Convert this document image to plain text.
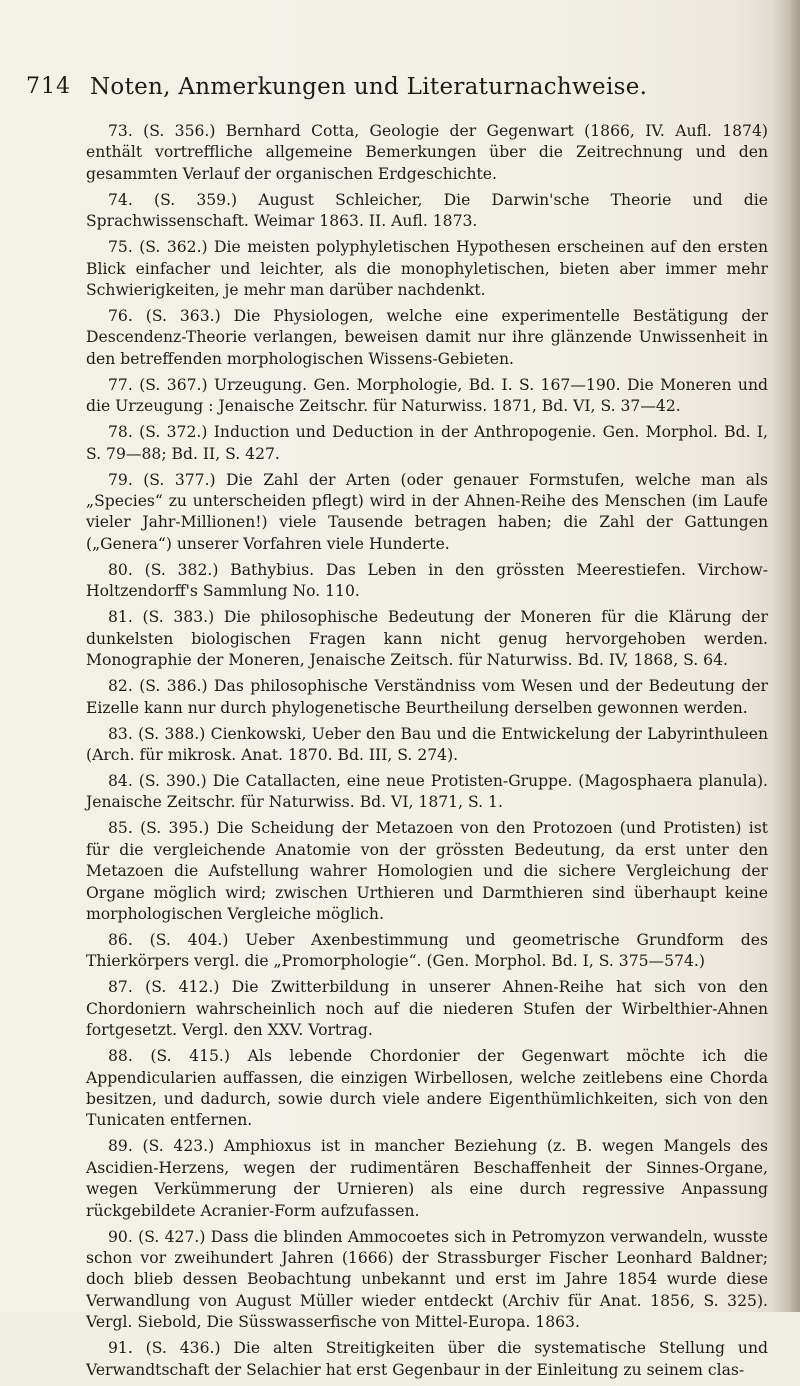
714 Noten, Anmerkungen und Literaturnachweise.

73. (S. 356.) Bernhard Cotta, Geologie der Gegenwart (1866, IV. Aufl. 1874) enthält vortreffliche allgemeine Bemerkungen über die Zeitrechnung und den gesammten Verlauf der organischen Erdgeschichte.

74. (S. 359.) August Schleicher, Die Darwin'sche Theorie und die Sprachwissenschaft. Weimar 1863. II. Aufl. 1873.

75. (S. 362.) Die meisten polyphyletischen Hypothesen erscheinen auf den ersten Blick einfacher und leichter, als die monophyletischen, bieten aber immer mehr Schwierigkeiten, je mehr man darüber nachdenkt.

76. (S. 363.) Die Physiologen, welche eine experimentelle Bestätigung der Descendenz-Theorie verlangen, beweisen damit nur ihre glänzende Unwissenheit in den betreffenden morphologischen Wissens-Gebieten.

77. (S. 367.) Urzeugung. Gen. Morphologie, Bd. I. S. 167—190. Die Moneren und die Urzeugung : Jenaische Zeitschr. für Naturwiss. 1871, Bd. VI, S. 37—42.

78. (S. 372.) Induction und Deduction in der Anthropogenie. Gen. Morphol. Bd. I, S. 79—88; Bd. II, S. 427.

79. (S. 377.) Die Zahl der Arten (oder genauer Formstufen, welche man als „Species“ zu unterscheiden pflegt) wird in der Ahnen-Reihe des Menschen (im Laufe vieler Jahr-Millionen!) viele Tausende betragen haben; die Zahl der Gattungen („Genera“) unserer Vorfahren viele Hunderte.

80. (S. 382.) Bathybius. Das Leben in den grössten Meerestiefen. Virchow-Holtzendorff's Sammlung No. 110.

81. (S. 383.) Die philosophische Bedeutung der Moneren für die Klärung der dunkelsten biologischen Fragen kann nicht genug hervorgehoben werden. Monographie der Moneren, Jenaische Zeitsch. für Naturwiss. Bd. IV, 1868, S. 64.

82. (S. 386.) Das philosophische Verständniss vom Wesen und der Bedeutung der Eizelle kann nur durch phylogenetische Beurtheilung derselben gewonnen werden.

83. (S. 388.) Cienkowski, Ueber den Bau und die Entwickelung der Labyrinthuleen (Arch. für mikrosk. Anat. 1870. Bd. III, S. 274).

84. (S. 390.) Die Catallacten, eine neue Protisten-Gruppe. (Magosphaera planula). Jenaische Zeitschr. für Naturwiss. Bd. VI, 1871, S. 1.

85. (S. 395.) Die Scheidung der Metazoen von den Protozoen (und Protisten) ist für die vergleichende Anatomie von der grössten Bedeutung, da erst unter den Metazoen die Aufstellung wahrer Homologien und die sichere Vergleichung der Organe möglich wird; zwischen Urthieren und Darmthieren sind überhaupt keine morphologischen Vergleiche möglich.

86. (S. 404.) Ueber Axenbestimmung und geometrische Grundform des Thierkörpers vergl. die „Promorphologie“. (Gen. Morphol. Bd. I, S. 375—574.)

87. (S. 412.) Die Zwitterbildung in unserer Ahnen-Reihe hat sich von den Chordoniern wahrscheinlich noch auf die niederen Stufen der Wirbelthier-Ahnen fortgesetzt. Vergl. den XXV. Vortrag.

88. (S. 415.) Als lebende Chordonier der Gegenwart möchte ich die Appendicularien auffassen, die einzigen Wirbellosen, welche zeitlebens eine Chorda besitzen, und dadurch, sowie durch viele andere Eigenthümlichkeiten, sich von den Tunicaten entfernen.

89. (S. 423.) Amphioxus ist in mancher Beziehung (z. B. wegen Mangels des Ascidien-Herzens, wegen der rudimentären Beschaffenheit der Sinnes-Organe, wegen Verkümmerung der Urnieren) als eine durch regressive Anpassung rückgebildete Acranier-Form aufzufassen.

90. (S. 427.) Dass die blinden Ammocoetes sich in Petromyzon verwandeln, wusste schon vor zweihundert Jahren (1666) der Strassburger Fischer Leonhard Baldner; doch blieb dessen Beobachtung unbekannt und erst im Jahre 1854 wurde diese Verwandlung von August Müller wieder entdeckt (Archiv für Anat. 1856, S. 325). Vergl. Siebold, Die Süsswasserfische von Mittel-Europa. 1863.

91. (S. 436.) Die alten Streitigkeiten über die systematische Stellung und Verwandtschaft der Selachier hat erst Gegenbaur in der Einleitung zu seinem clas-
